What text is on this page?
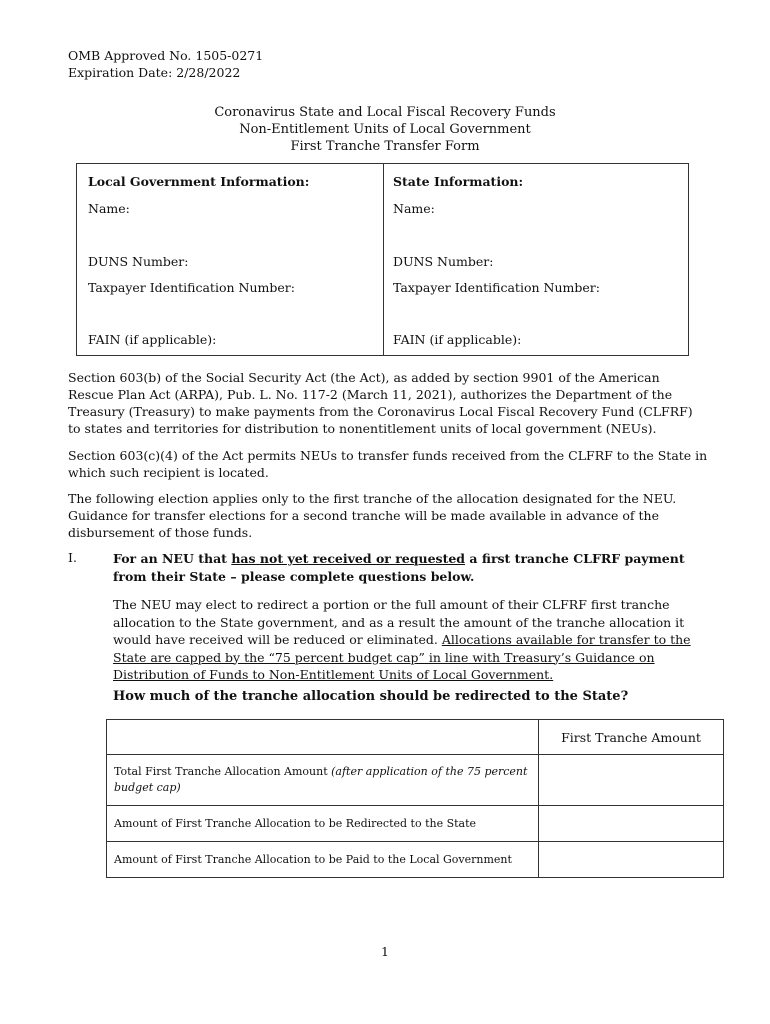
OMB Approved No. 1505-0271
Expiration Date: 2/28/2022
Coronavirus State and Local Fiscal Recovery Funds
Non-Entitlement Units of Local Government
First Tranche Transfer Form
Local Government Information:
Name:
DUNS Number:
Taxpayer Identification Number:
FAIN (if applicable):
State Information:
Name:
DUNS Number:
Taxpayer Identification Number:
FAIN (if applicable):
Section 603(b) of the Social Security Act (the Act), as added by section 9901 of the American Rescue Plan Act (ARPA), Pub. L. No. 117-2 (March 11, 2021), authorizes the Department of the Treasury (Treasury) to make payments from the Coronavirus Local Fiscal Recovery Fund (CLFRF) to states and territories for distribution to nonentitlement units of local government (NEUs).
Section 603(c)(4) of the Act permits NEUs to transfer funds received from the CLFRF to the State in which such recipient is located.
The following election applies only to the first tranche of the allocation designated for the NEU. Guidance for transfer elections for a second tranche will be made available in advance of the disbursement of those funds.
I.	For an NEU that has not yet received or requested a first tranche CLFRF payment from their State – please complete questions below.
The NEU may elect to redirect a portion or the full amount of their CLFRF first tranche allocation to the State government, and as a result the amount of the tranche allocation it would have received will be reduced or eliminated. Allocations available for transfer to the State are capped by the “75 percent budget cap” in line with Treasury’s Guidance on Distribution of Funds to Non-Entitlement Units of Local Government.
How much of the tranche allocation should be redirected to the State?
	First Tranche Amount
Total First Tranche Allocation Amount (after application of the 75 percent budget cap)	
Amount of First Tranche Allocation to be Redirected to the State	
Amount of First Tranche Allocation to be Paid to the Local Government	
1
